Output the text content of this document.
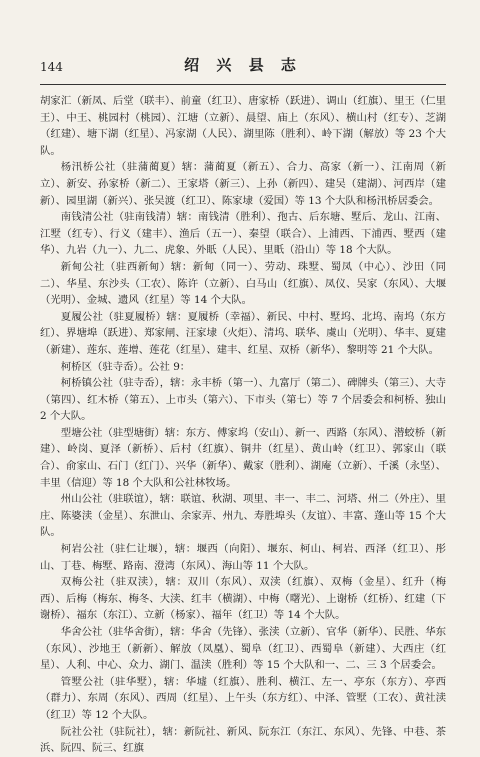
144	绍 兴 县 志

胡家汇（新凤、后堂（联丰）、前童（红卫）、唐家桥（跃进）、调山（红旗）、里王（仁里王）、中王、桃园村（桃园）、江塘（立新）、晨望、庙上（东风）、横山村（红专）、芝湖（红建）、塘下湖（红星）、冯家湖（人民）、湖里陈（胜利）、岭下湖（解放）等 23 个大队。

杨汛桥公社（驻蒲蔺夏）辖：蒲蔺夏（新五）、合力、高家（新一）、江南周（新立）、新安、孙家桥（新二）、王家塔（新三）、上孙（新四）、建吴（建湖）、河西岸（建新）、园里湖（新兴）、张吴渡（红卫）、陈家埭（爱国）等 13 个大队和杨汛桥居委会。

南钱清公社（驻南钱清）辖：南钱清（胜利）、孢古、后东塘、墅后、龙山、江南、江墅（红专）、行义（建丰）、渔后（五一）、秦望（联合）、上浦西、下浦西、墅西（建华）、九岩（九一）、九二、虎象、外眂（人民）、里眂（沿山）等 18 个大队。

新甸公社（驻西新甸）辖：新甸（同一）、劳动、珠墅、蜀凤（中心）、沙田（同二）、华星、东沙头（工农）、陈许（立新）、白马山（红旗）、凤仪、吴家（东风）、大堰（光明）、金城、遗风（红星）等 14 个大队。

夏履公社（驻夏履桥）辖：夏履桥（幸福）、新民、中村、墅坞、北坞、南坞（东方红）、界塘埠（跃进）、郑家闸、汪家埭（火炬）、清坞、联华、虞山（光明）、华丰、夏建（新建）、莲东、莲增、莲花（红星）、建丰、红星、双桥（新华）、黎明等 21 个大队。

柯桥区（驻寺岙）。公社 9：

柯桥镇公社（驻寺岙），辖：永丰桥（第一）、九富厅（第二）、碑牌头（第三）、大寺（第四）、红木桥（第五）、上市头（第六）、下市头（第七）等 7 个居委会和柯桥、独山 2 个大队。

型塘公社（驻型塘街）辖：东方、傅家坞（安山）、新一、西路（东风）、潜蛟桥（新建）、岭岗、夏泽（新桥）、后村（红旗）、铜井（红星）、黄山岭（红卫）、郭家山（联合）、俞家山、石门（红门）、兴华（新华）、戴家（胜利）、湖庵（立新）、千溪（永坚）、丰里（信迎）等 18 个大队和公社林牧场。

州山公社（驻联谊），辖：联谊、秋湖、项里、丰一、丰二、河塔、州二（外庄）、里庄、陈婆渎（金星）、东泄山、余家弄、州九、寿胜埠头（友谊）、丰富、蓬山等 15 个大队。

柯岩公社（驻仁让堰），辖：堰西（向阳）、堰东、柯山、柯岩、西泽（红卫）、彤山、丁巷、梅墅、路南、澄湾（东风）、海山等 11 个大队。

双梅公社（驻双渎），辖：双川（东风）、双渎（红旗）、双梅（金星）、红升（梅西）、后梅（梅东、梅冬、大渎、红丰（横湖）、中梅（曙光）、上谢桥（红桥）、红建（下谢桥）、福东（东江）、立新（杨家）、福年（红卫）等 14 个大队。

华舍公社（驻华舍街），辖：华舍（先锋）、张渎（立新）、官华（新华）、民胜、华东（东风）、沙地王（新新）、解放（凤凰）、蜀阜（红卫）、西蜀阜（新建）、大西庄（红星）、人利、中心、众力、湖门、温渎（胜利）等 15 个大队和一、二、三 3 个居委会。

管墅公社（驻华墅），辖：华墟（红旗）、胜利、横江、左一、亭东（东方）、亭西（群力）、东周（东风）、西周（红星）、上午头（东方红）、中泽、管墅（工农）、黄社渎（红卫）等 12 个大队。

阮社公社（驻阮社），辖：新阮社、新风、阮东江（东江、东风）、先锋、中巷、茶浜、阮四、阮三、红旗
